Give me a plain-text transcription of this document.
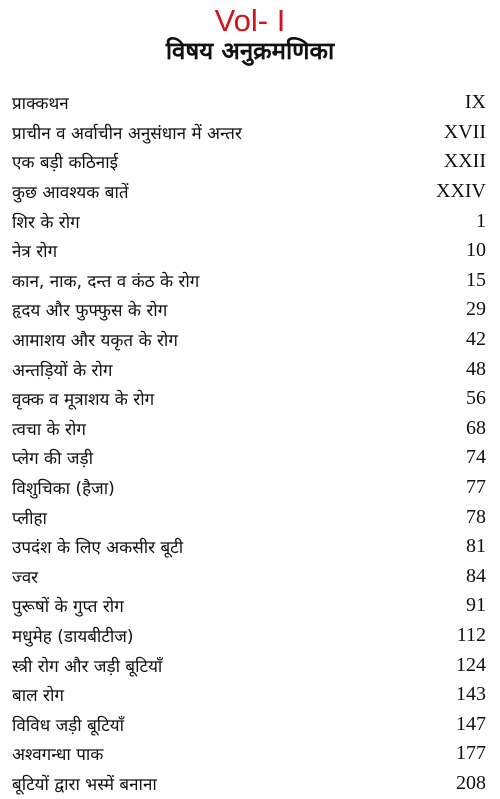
Vol- I
विषय अनुक्रमणिका
प्राक्कथन	IX
प्राचीन व अर्वाचीन अनुसंधान में अन्तर	XVII
एक बड़ी कठिनाई	XXII
कुछ आवश्यक बातें	XXIV
शिर के रोग	1
नेत्र रोग	10
कान, नाक, दन्त व कंठ के रोग	15
हृदय और फुफ्फुस के रोग	29
आमाशय और यकृत के रोग	42
अन्तड़ियों के रोग	48
वृक्क व मूत्राशय के रोग	56
त्वचा के रोग	68
प्लेग की जड़ी	74
विशुचिका (हैजा)	77
प्लीहा	78
उपदंश के लिए अकसीर बूटी	81
ज्वर	84
पुरूषों के गुप्त रोग	91
मधुमेह (डायबीटीज)	112
स्त्री रोग और जड़ी बूटियाँ	124
बाल रोग	143
विविध जड़ी बूटियाँ	147
अश्वगन्धा पाक	177
बूटियों द्वारा भस्में बनाना	208
